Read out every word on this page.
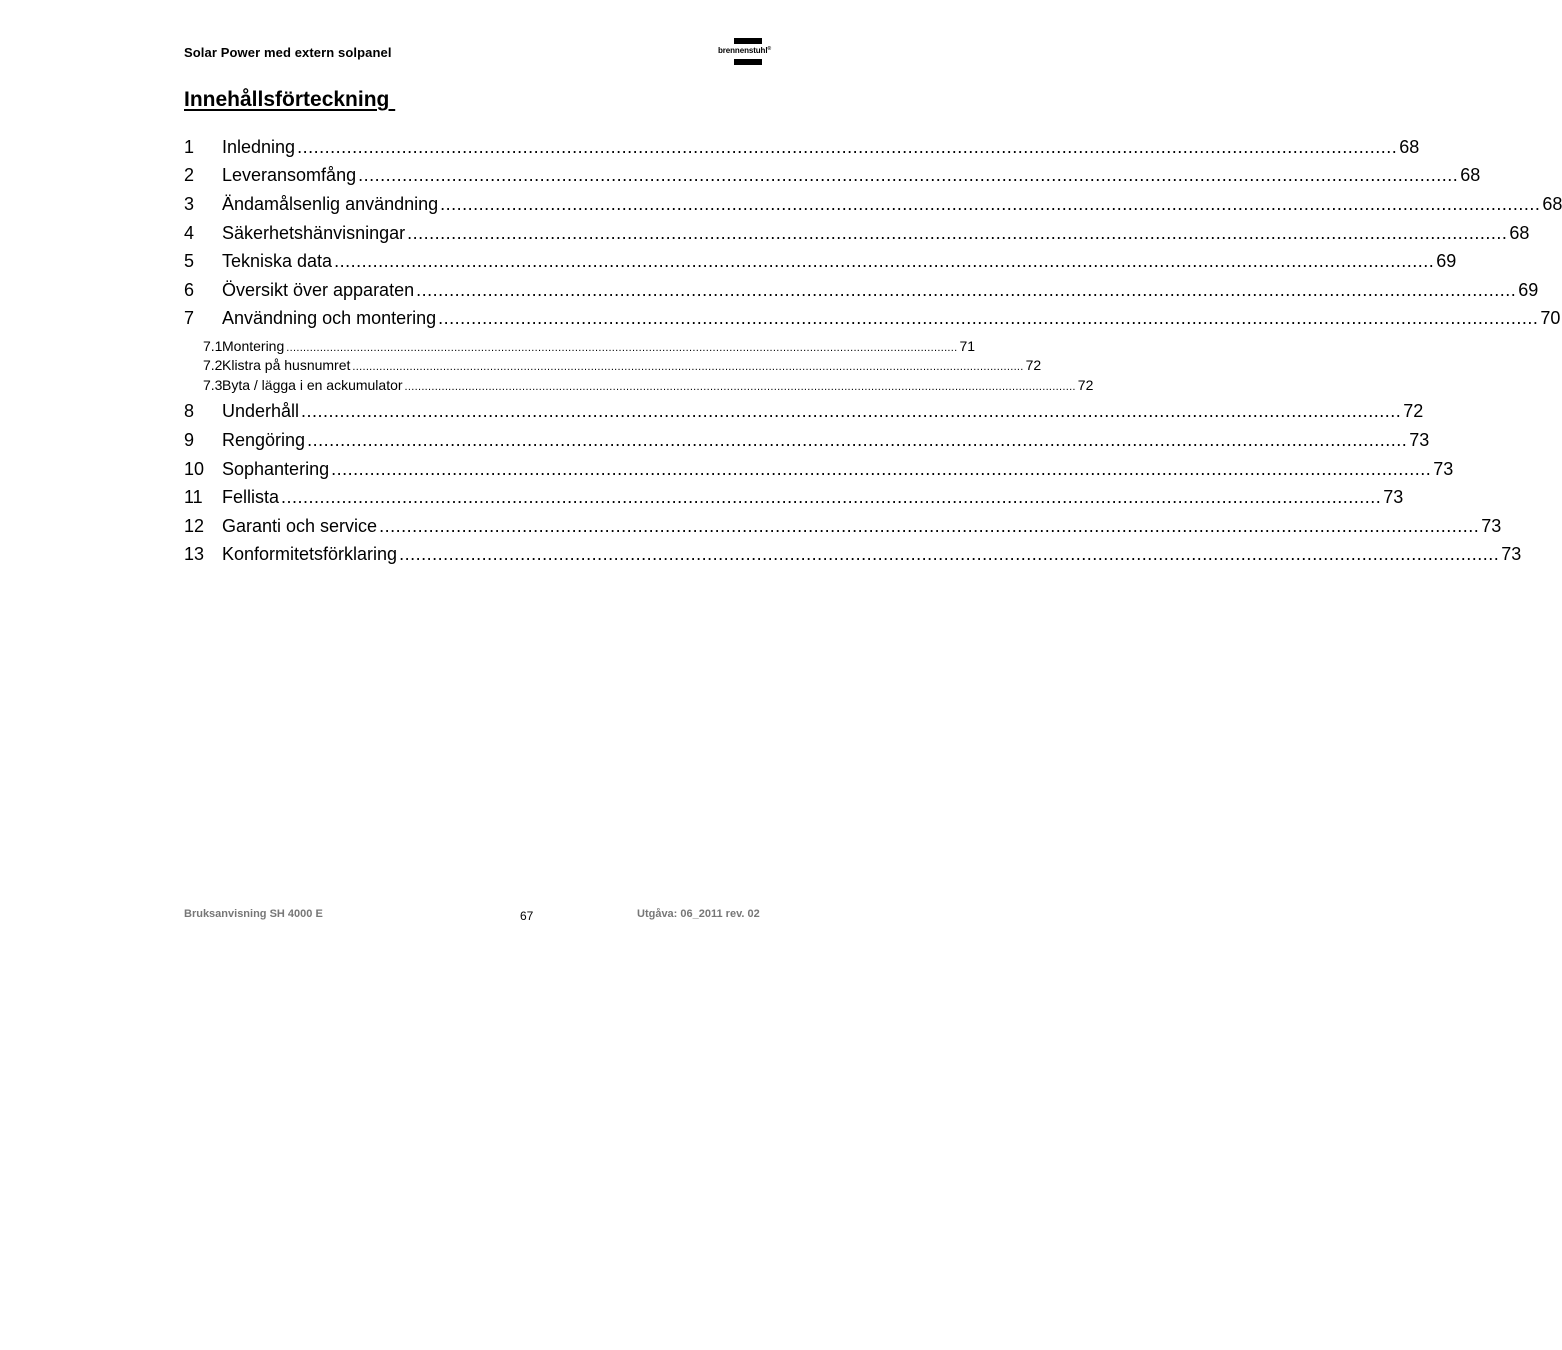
Solar Power med extern solpanel	brennenstuhl®
Innehållsförteckning
1	Inledning ........................................................................................................................................................................................................ 68
2	Leveransomfång ........................................................................................................................................................................................................ 68
3	Ändamålsenlig användning ........................................................................................................................................................................................................ 68
4	Säkerhetshänvisningar ........................................................................................................................................................................................................ 68
5	Tekniska data ........................................................................................................................................................................................................ 69
6	Översikt över apparaten ........................................................................................................................................................................................................ 69
7	Användning och montering ........................................................................................................................................................................................................ 70
7.1 Montering ........................................................................................................................................................................................................ 71
7.2 Klistra på husnumret ........................................................................................................................................................................................................ 72
7.3 Byta / lägga i en ackumulator ........................................................................................................................................................................................................ 72
8	Underhåll ........................................................................................................................................................................................................ 72
9	Rengöring ........................................................................................................................................................................................................ 73
10 Sophantering ........................................................................................................................................................................................................ 73
11	Fellista ........................................................................................................................................................................................................ 73
12 Garanti och service ........................................................................................................................................................................................................ 73
13 Konformitetsförklaring ........................................................................................................................................................................................................ 73
Bruksanvisning SH 4000 E	67	Utgåva: 06_2011 rev. 02
